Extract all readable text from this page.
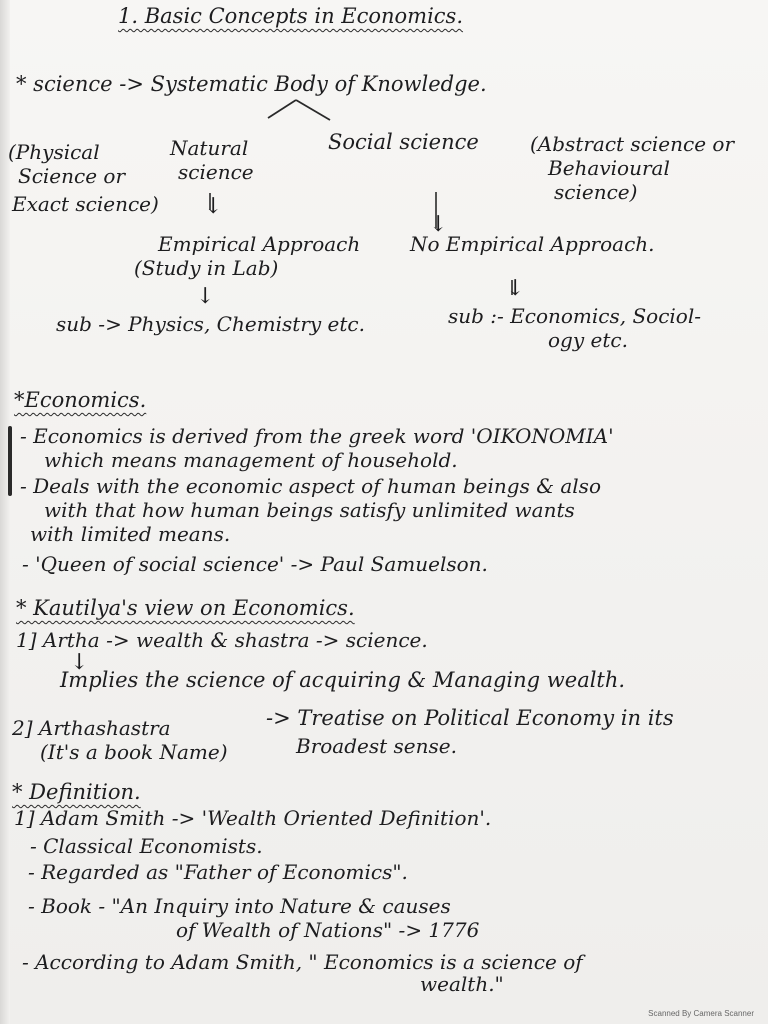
1. Basic Concepts in Economics.
* science -> Systematic Body of Knowledge.
(Physical
Science or
Exact science)
Natural
science
Social science	(Abstract science or
Behavioural
science)
↓
↓
Empirical Approach
(Study in Lab)
No Empirical Approach.
↓	↓
sub -> Physics, Chemistry etc.	sub :- Economics, Sociol-
ogy etc.
*Economics.
- Economics is derived from the greek word 'OIKONOMIA'
which means management of household.
- Deals with the economic aspect of human beings & also
with that how human beings satisfy unlimited wants
with limited means.
- 'Queen of social science' -> Paul Samuelson.
* Kautilya's view on Economics.
1] Artha -> wealth & shastra -> science.
↓
Implies the science of acquiring & Managing wealth.
2] Arthashastra	-> Treatise on Political Economy in its
(It's a book Name)	Broadest sense.
* Definition.
1] Adam Smith -> 'Wealth Oriented Definition'.
- Classical Economists.
- Regarded as "Father of Economics".
- Book - "An Inquiry into Nature & causes
of Wealth of Nations" -> 1776
- According to Adam Smith, " Economics is a science of
wealth."
Scanned By Camera Scanner
